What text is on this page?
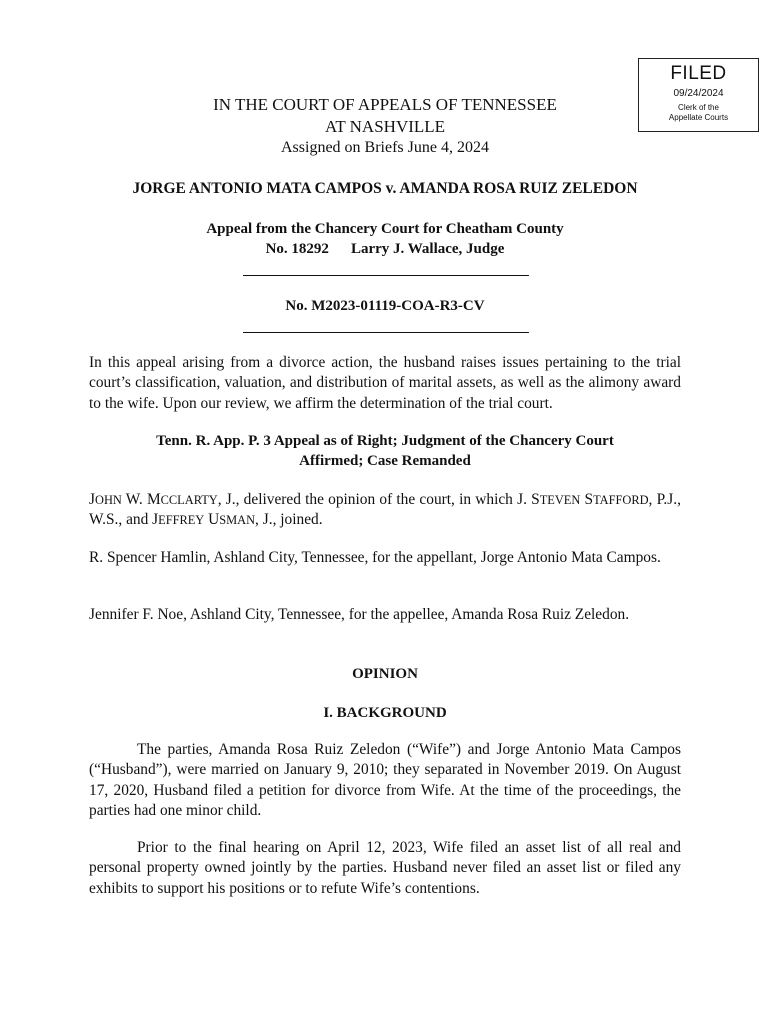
FILED
09/24/2024
Clerk of the
Appellate Courts
IN THE COURT OF APPEALS OF TENNESSEE
AT NASHVILLE
Assigned on Briefs June 4, 2024
JORGE ANTONIO MATA CAMPOS v. AMANDA ROSA RUIZ ZELEDON
Appeal from the Chancery Court for Cheatham County
No. 18292 Larry J. Wallace, Judge
No. M2023-01119-COA-R3-CV
In this appeal arising from a divorce action, the husband raises issues pertaining to the trial court’s classification, valuation, and distribution of marital assets, as well as the alimony award to the wife. Upon our review, we affirm the determination of the trial court.
Tenn. R. App. P. 3 Appeal as of Right; Judgment of the Chancery Court
Affirmed; Case Remanded
JOHN W. MCCLARTY, J., delivered the opinion of the court, in which J. STEVEN STAFFORD, P.J., W.S., and JEFFREY USMAN, J., joined.
R. Spencer Hamlin, Ashland City, Tennessee, for the appellant, Jorge Antonio Mata Campos.
Jennifer F. Noe, Ashland City, Tennessee, for the appellee, Amanda Rosa Ruiz Zeledon.
OPINION
I. BACKGROUND
The parties, Amanda Rosa Ruiz Zeledon (“Wife”) and Jorge Antonio Mata Campos (“Husband”), were married on January 9, 2010; they separated in November 2019. On August 17, 2020, Husband filed a petition for divorce from Wife. At the time of the proceedings, the parties had one minor child.
Prior to the final hearing on April 12, 2023, Wife filed an asset list of all real and personal property owned jointly by the parties. Husband never filed an asset list or filed any exhibits to support his positions or to refute Wife’s contentions.
